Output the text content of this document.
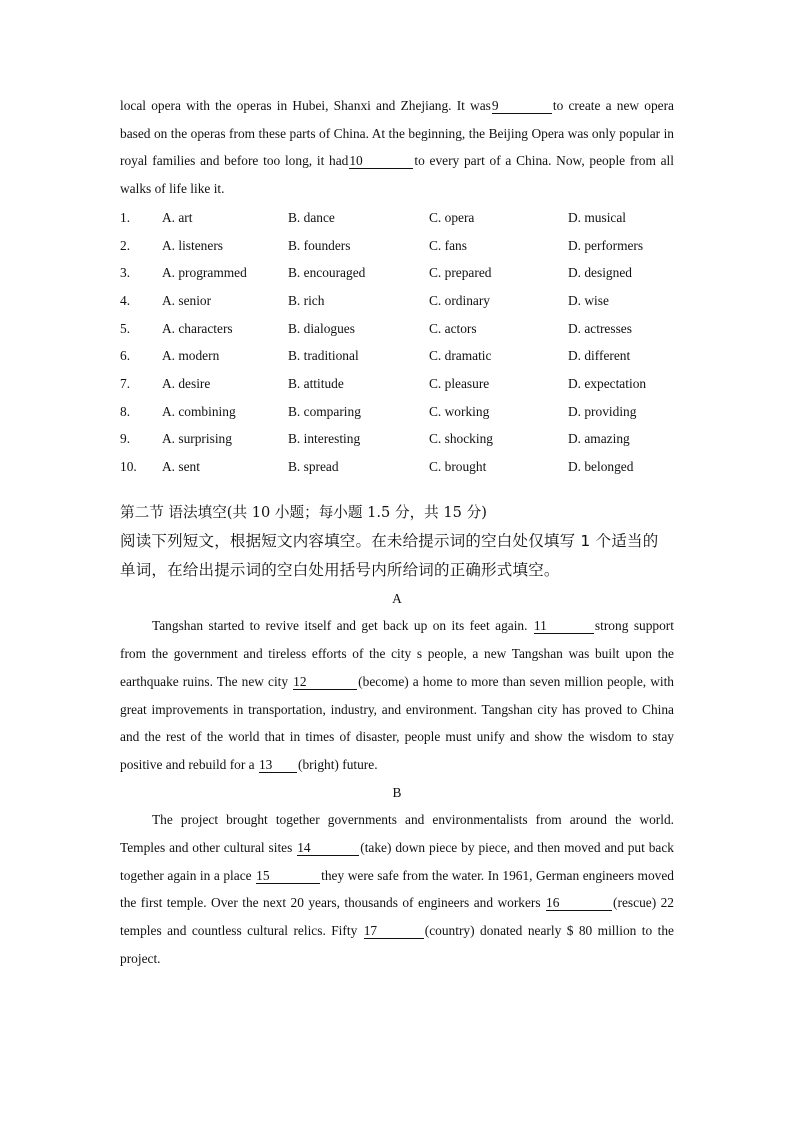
local opera with the operas in Hubei, Shanxi and Zhejiang. It was9	to create a new opera based on the operas from these parts of China. At the beginning, the Beijing Opera was only popular in royal families and before too long, it had10	to every part of a China. Now, people from all walks of life like it.

1. A. art	B. dance	C. opera	D. musical
2. A. listeners	B. founders	C. fans	D. performers
3. A. programmed	B. encouraged	C. prepared	D. designed
4. A. senior	B. rich	C. ordinary	D. wise
5. A. characters	B. dialogues	C. actors	D. actresses
6. A. modern	B. traditional	C. dramatic	D. different
7. A. desire	B. attitude	C. pleasure	D. expectation
8. A. combining	B. comparing	C. working	D. providing
9. A. surprising	B. interesting	C. shocking	D. amazing
10. A. sent	B. spread	C. brought	D. belonged
第二节 语法填空(共 10 小题；每小题 1.5 分，共 15 分)

阅读下列短文，根据短文内容填空。在未给提示词的空白处仅填写 1 个适当的单词，在给出提示词的空白处用括号内所给词的正确形式填空。

A

Tangshan started to revive itself and get back up on its feet again. 11	strong support from the government and tireless efforts of the city s people, a new Tangshan was built upon the earthquake ruins. The new city 12	(become) a home to more than seven million people, with great improvements in transportation, industry, and environment. Tangshan city has proved to China and the rest of the world that in times of disaster, people must unify and show the wisdom to stay positive and rebuild for a 13 (bright) future.

B

The project brought together governments and environmentalists from around the world. Temples and other cultural sites 14	(take) down piece by piece, and then moved and put back together again in a place 15	they were safe from the water. In 1961, German engineers moved the first temple. Over the next 20 years, thousands of engineers and workers 16	(rescue) 22 temples and countless cultural relics. Fifty 17	(country) donated nearly $ 80 million to the project.
